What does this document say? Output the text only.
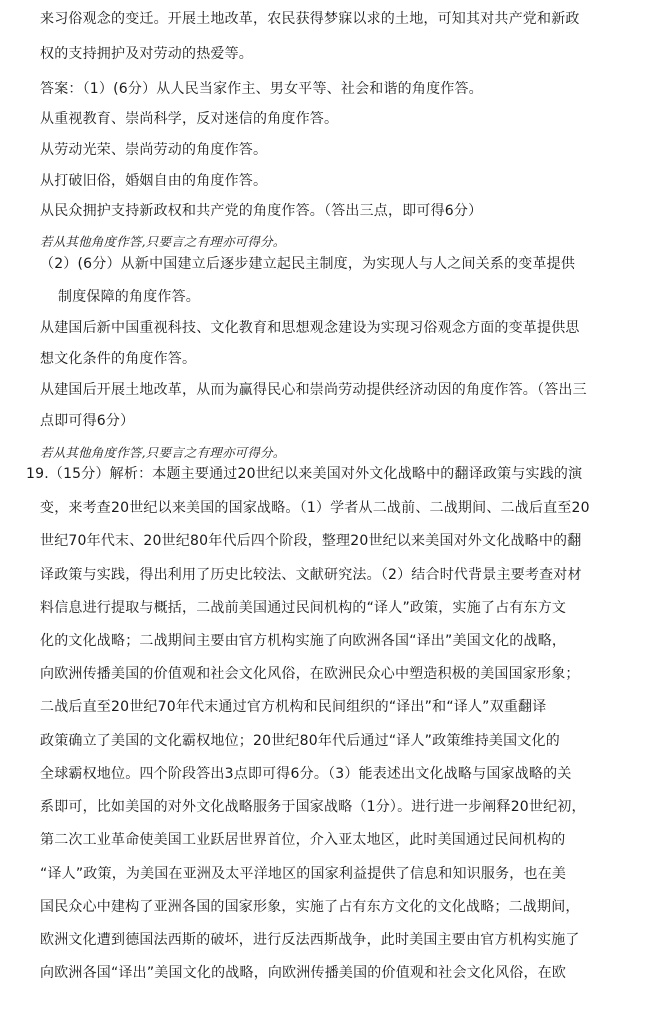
来习俗观念的变迁。开展土地改革，农民获得梦寐以求的土地，可知其对共产党和新政
权的支持拥护及对劳动的热爱等。
答案：（1）(6分）从人民当家作主、男女平等、社会和谐的角度作答。
从重视教育、崇尚科学，反对迷信的角度作答。
从劳动光荣、崇尚劳动的角度作答。
从打破旧俗，婚姻自由的角度作答。
从民众拥护支持新政权和共产党的角度作答。（答出三点，即可得6分）
若从其他角度作答,只要言之有理亦可得分。
（2）(6分）从新中国建立后逐步建立起民主制度，为实现人与人之间关系的变革提供
制度保障的角度作答。
从建国后新中国重视科技、文化教育和思想观念建设为实现习俗观念方面的变革提供思
想文化条件的角度作答。
从建国后开展土地改革，从而为赢得民心和崇尚劳动提供经济动因的角度作答。（答出三
点即可得6分）
若从其他角度作答,只要言之有理亦可得分。
19.（15分）解析：本题主要通过20世纪以来美国对外文化战略中的翻译政策与实践的演
变，来考查20世纪以来美国的国家战略。（1）学者从二战前、二战期间、二战后直至20
世纪70年代末、20世纪80年代后四个阶段，整理20世纪以来美国对外文化战略中的翻
译政策与实践，得出利用了历史比较法、文献研究法。（2）结合时代背景主要考查对材
料信息进行提取与概括，二战前美国通过民间机构的“译人”政策，实施了占有东方文
化的文化战略；二战期间主要由官方机构实施了向欧洲各国“译出”美国文化的战略，
向欧洲传播美国的价值观和社会文化风俗，在欧洲民众心中塑造积极的美国国家形象；
二战后直至20世纪70年代末通过官方机构和民间组织的“译出”和“译人”双重翻译
政策确立了美国的文化霸权地位；20世纪80年代后通过“译人”政策维持美国文化的
全球霸权地位。四个阶段答出3点即可得6分。（3）能表述出文化战略与国家战略的关
系即可，比如美国的对外文化战略服务于国家战略（1分）。进行进一步阐释20世纪初，
第二次工业革命使美国工业跃居世界首位，介入亚太地区，此时美国通过民间机构的
“译人”政策，为美国在亚洲及太平洋地区的国家利益提供了信息和知识服务，也在美
国民众心中建构了亚洲各国的国家形象，实施了占有东方文化的文化战略；二战期间，
欧洲文化遭到德国法西斯的破坏，进行反法西斯战争，此时美国主要由官方机构实施了
向欧洲各国“译出”美国文化的战略，向欧洲传播美国的价值观和社会文化风俗，在欧
